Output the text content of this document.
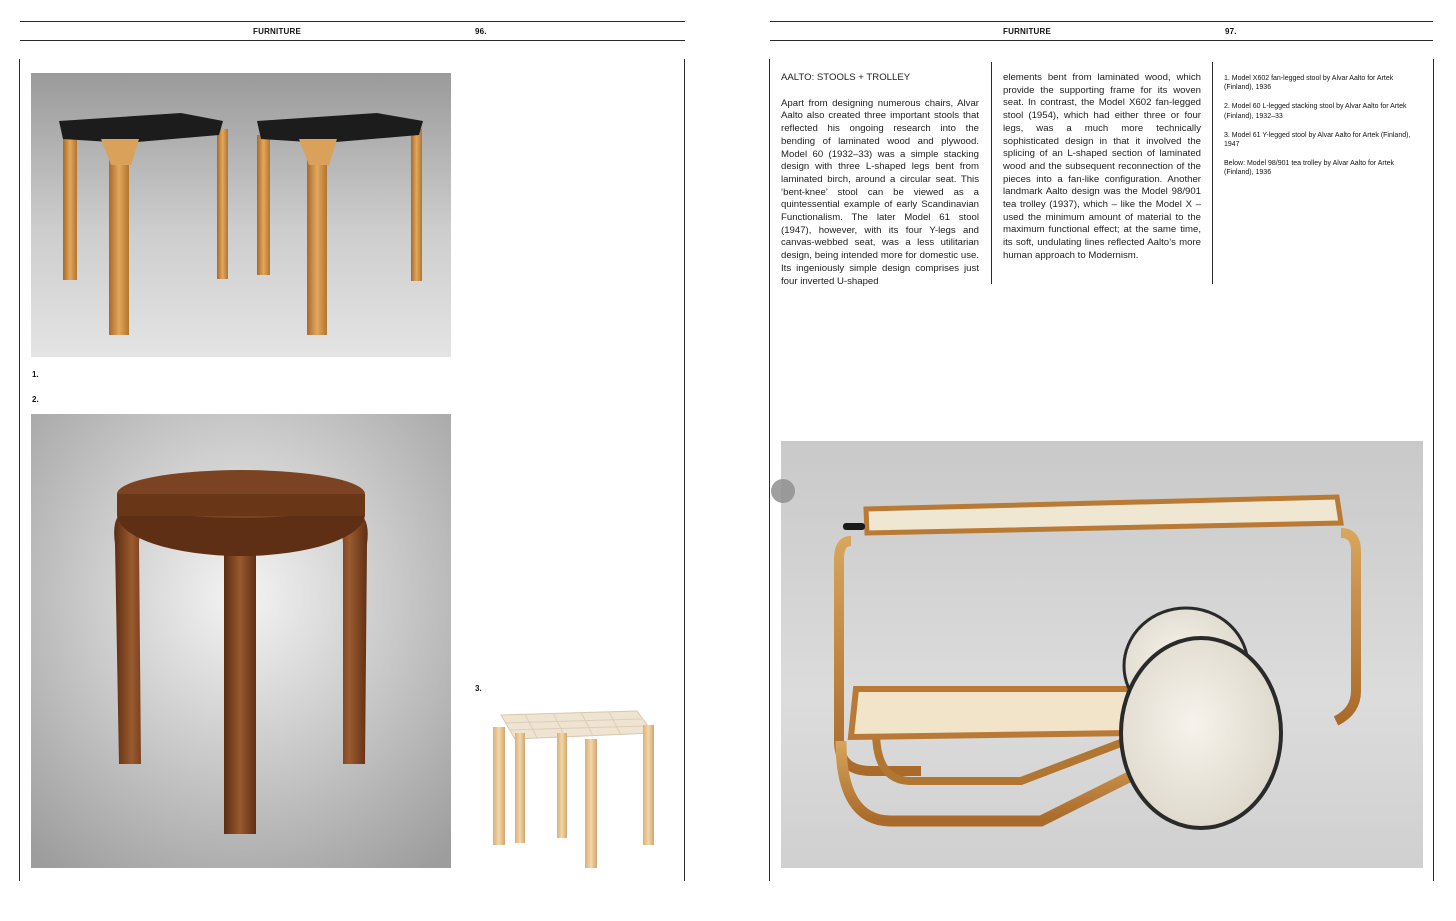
FURNITURE	96.
1.
2.
3.
FURNITURE	97.
AALTO: STOOLS + TROLLEY

Apart from designing numerous chairs, Alvar Aalto also created three important stools that reflected his ongoing research into the bending of laminated wood and plywood. Model 60 (1932–33) was a simple stacking design with three L-shaped legs bent from laminated birch, around a circular seat. This ‘bent-knee’ stool can be viewed as a quintessential example of early Scandinavian Functionalism. The later Model 61 stool (1947), however, with its four Y-legs and canvas-webbed seat, was a less utilitarian design, being intended more for domestic use. Its ingeniously simple design comprises just four inverted U-shaped

elements bent from laminated wood, which provide the supporting frame for its woven seat. In contrast, the Model X602 fan-legged stool (1954), which had either three or four legs, was a much more technically sophisticated design in that it involved the splicing of an L-shaped section of laminated wood and the subsequent reconnection of the pieces into a fan-like configuration. Another landmark Aalto design was the Model 98/901 tea trolley (1937), which – like the Model X – used the minimum amount of material to the maximum functional effect; at the same time, its soft, undulating lines reflected Aalto’s more human approach to Modernism.

1. Model X602 fan-legged stool by Alvar Aalto for Artek (Finland), 1936

2. Model 60 L-legged stacking stool by Alvar Aalto for Artek (Finland), 1932–33

3. Model 61 Y-legged stool by Alvar Aalto for Artek (Finland), 1947

Below: Model 98/901 tea trolley by Alvar Aalto for Artek (Finland), 1936
